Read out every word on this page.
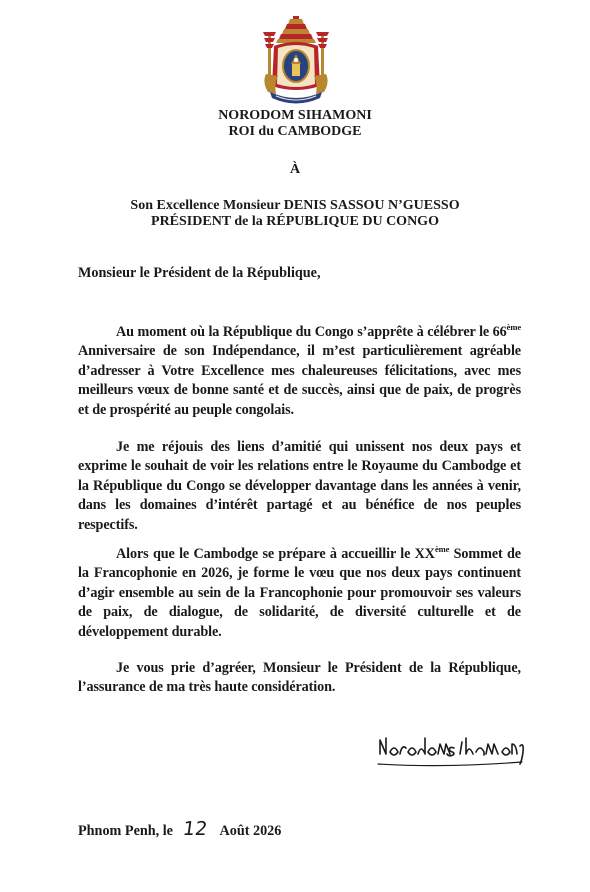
NORODOM SIHAMONI
ROI du CAMBODGE
À
Son Excellence Monsieur DENIS SASSOU N’GUESSO
PRÉSIDENT de la RÉPUBLIQUE DU CONGO
Monsieur le Président de la République,

Au moment où la République du Congo s’apprête à célébrer le 66ème Anniversaire de son Indépendance, il m’est particulièrement agréable d’adresser à Votre Excellence mes chaleureuses félicitations, avec mes meilleurs vœux de bonne santé et de succès, ainsi que de paix, de progrès et de prospérité au peuple congolais.

Je me réjouis des liens d’amitié qui unissent nos deux pays et exprime le souhait de voir les relations entre le Royaume du Cambodge et la République du Congo se développer davantage dans les années à venir, dans les domaines d’intérêt partagé et au bénéfice de nos peuples respectifs.

Alors que le Cambodge se prépare à accueillir le XXème Sommet de la Francophonie en 2026, je forme le vœu que nos deux pays continuent d’agir ensemble au sein de la Francophonie pour promouvoir ses valeurs de paix, de dialogue, de solidarité, de diversité culturelle et de développement durable.

Je vous prie d’agréer, Monsieur le Président de la République, l’assurance de ma très haute considération.

Phnom Penh, le 12 Août 2026
